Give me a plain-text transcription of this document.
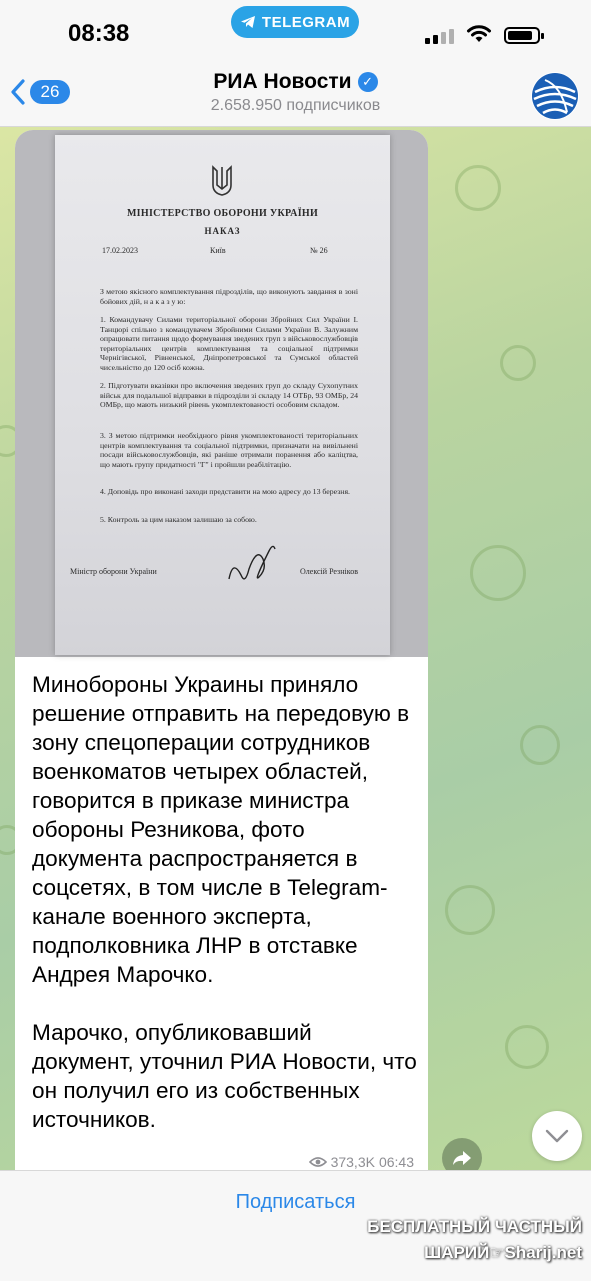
08:38	TELEGRAM
26	РИА Новости ✓
2.658.950 подписчиков
МІНІСТЕРСТВО ОБОРОНИ УКРАЇНИ
НАКАЗ
17.02.2023	Київ	№ 26
З метою якісного комплектування підрозділів, що виконують завдання в зоні бойових дій, н а к а з у ю:
1. Командувачу Силами територіальної оборони Збройних Сил України І. Танцюрі спільно з командувачем Збройними Силами України В. Залужним опрацювати питання щодо формування зведених груп з військовослужбовців територіальних центрів комплектування та соціальної підтримки Чернігівської, Рівненської, Дніпропетровської та Сумської областей чисельністю до 120 осіб кожна.
2. Підготувати вказівки про включення зведених груп до складу Сухопутних військ для подальшої відправки в підрозділи зі складу 14 ОТБр, 93 ОМБр, 24 ОМБр, що мають низький рівень укомплектованості особовим складом.
3. З метою підтримки необхідного рівня укомплектованості територіальних центрів комплектування та соціальної підтримки, призначати на вивільнені посади військовослужбовців, які раніше отримали поранення або каліцтва, що мають групу придатності "Г" і пройшли реабілітацію.
4. Доповідь про виконані заходи представити на мою адресу до 13 березня.
5. Контроль за цим наказом залишаю за собою.
Міністр оборони України	Олексій Резніков

Минобороны Украины приняло решение отправить на передовую в зону спецоперации сотрудников военкоматов четырех областей, говорится в приказе министра обороны Резникова, фото документа распространяется в соцсетях, в том числе в Telegram-канале военного эксперта, подполковника ЛНР в отставке Андрея Марочко.

Марочко, опубликовавший документ, уточнил РИА Новости, что он получил его из собственных источников.

373,3K 06:43
Подписаться
БЕСПЛАТНЫЙ ЧАСТНЫЙ
ШАРИЙ☞Sharij.net
